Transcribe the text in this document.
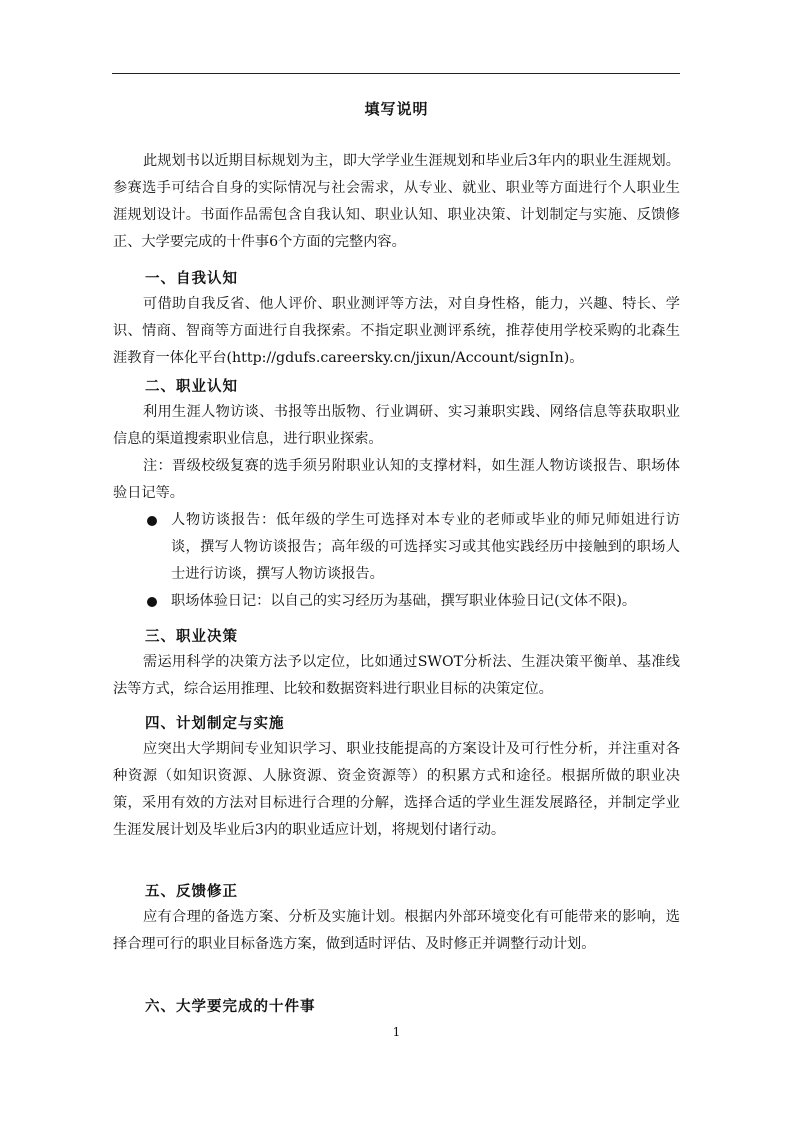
填写说明
此规划书以近期目标规划为主，即大学学业生涯规划和毕业后3年内的职业生涯规划。参赛选手可结合自身的实际情况与社会需求，从专业、就业、职业等方面进行个人职业生涯规划设计。书面作品需包含自我认知、职业认知、职业决策、计划制定与实施、反馈修正、大学要完成的十件事6个方面的完整内容。
一、自我认知
可借助自我反省、他人评价、职业测评等方法，对自身性格，能力，兴趣、特长、学识、情商、智商等方面进行自我探索。不指定职业测评系统，推荐使用学校采购的北森生涯教育一体化平台(http://gdufs.careersky.cn/jixun/Account/signIn)。
二、职业认知
利用生涯人物访谈、书报等出版物、行业调研、实习兼职实践、网络信息等获取职业信息的渠道搜索职业信息，进行职业探索。
注：晋级校级复赛的选手须另附职业认知的支撑材料，如生涯人物访谈报告、职场体验日记等。
人物访谈报告：低年级的学生可选择对本专业的老师或毕业的师兄师姐进行访谈，撰写人物访谈报告；高年级的可选择实习或其他实践经历中接触到的职场人士进行访谈，撰写人物访谈报告。
职场体验日记：以自己的实习经历为基础，撰写职业体验日记(文体不限)。
三、职业决策
需运用科学的决策方法予以定位，比如通过SWOT分析法、生涯决策平衡单、基准线法等方式，综合运用推理、比较和数据资料进行职业目标的决策定位。
四、计划制定与实施
应突出大学期间专业知识学习、职业技能提高的方案设计及可行性分析，并注重对各种资源（如知识资源、人脉资源、资金资源等）的积累方式和途径。根据所做的职业决策，采用有效的方法对目标进行合理的分解，选择合适的学业生涯发展路径，并制定学业生涯发展计划及毕业后3内的职业适应计划，将规划付诸行动。
五、反馈修正
应有合理的备选方案、分析及实施计划。根据内外部环境变化有可能带来的影响，选择合理可行的职业目标备选方案，做到适时评估、及时修正并调整行动计划。
六、大学要完成的十件事
1
